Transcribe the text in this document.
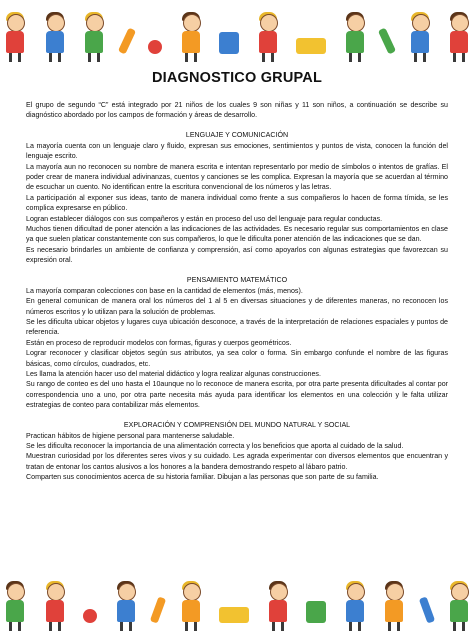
DIAGNOSTICO GRUPAL

El grupo de segundo “C” está integrado por 21 niños de los cuales 9 son niñas y 11 son niños, a continuación se describe su diagnóstico abordado por los campos de formación y áreas de desarrollo.

LENGUAJE Y COMUNICACIÓN

La mayoría cuenta con un lenguaje claro y fluido, expresan sus emociones, sentimientos y puntos de vista, conocen la función del lenguaje escrito.

La mayoría aun no reconocen su nombre de manera escrita e intentan representarlo por medio de símbolos o intentos de grafías. El poder crear de manera individual adivinanzas, cuentos y canciones se les complica. Expresan la mayoría que se acuerdan al término de escuchar un cuento. No identifican entre la escritura convencional de los números y las letras.

La participación al exponer sus ideas, tanto de manera individual como frente a sus compañeros lo hacen de forma tímida, se les complica expresarse en público.

Logran establecer diálogos con sus compañeros y están en proceso del uso del lenguaje para regular conductas.

Muchos tienen dificultad de poner atención a las indicaciones de las actividades. Es necesario regular sus comportamientos en clase ya que suelen platicar constantemente con sus compañeros, lo que le dificulta poner atención de las indicaciones que se dan.

Es necesario brindarles un ambiente de confianza y comprensión, así como apoyarlos con algunas estrategias que favorezcan su expresión oral.

PENSAMIENTO MATEMÁTICO

La mayoría comparan colecciones con base en la cantidad de elementos (más, menos).

En general comunican de manera oral los números del 1 al 5 en diversas situaciones y de diferentes maneras, no reconocen los números escritos y lo utilizan para la solución de problemas.

Se les dificulta ubicar objetos y lugares cuya ubicación desconoce, a través de la interpretación de relaciones espaciales y puntos de referencia.

Están en proceso de reproducir modelos con formas, figuras y cuerpos geométricos.

Lograr reconocer y clasificar objetos según sus atributos, ya sea color o forma. Sin embargo confunde el nombre de las figuras básicas, como círculos, cuadrados, etc.

Les llama la atención hacer uso del material didáctico y logra realizar algunas construcciones.

Su rango de conteo es del uno hasta el 10aunque no lo reconoce de manera escrita, por otra parte presenta dificultades al contar por correspondencia uno a uno, por otra parte necesita más ayuda para identificar los elementos en una colección y le falta utilizar estrategias de conteo para contabilizar más elementos.

EXPLORACIÓN Y COMPRENSIÓN DEL MUNDO NATURAL Y SOCIAL

Practican hábitos de higiene personal para mantenerse saludable.

Se les dificulta reconocer la importancia de una alimentación correcta y los beneficios que aporta al cuidado de la salud.

Muestran curiosidad por los diferentes seres vivos y su cuidado. Les agrada experimentar con diversos elementos que encuentran y tratan de entonar los cantos alusivos a los honores a la bandera demostrando respeto al lábaro patrio.

Comparten sus conocimientos acerca de su historia familiar. Dibujan a las personas que son parte de su familia.
